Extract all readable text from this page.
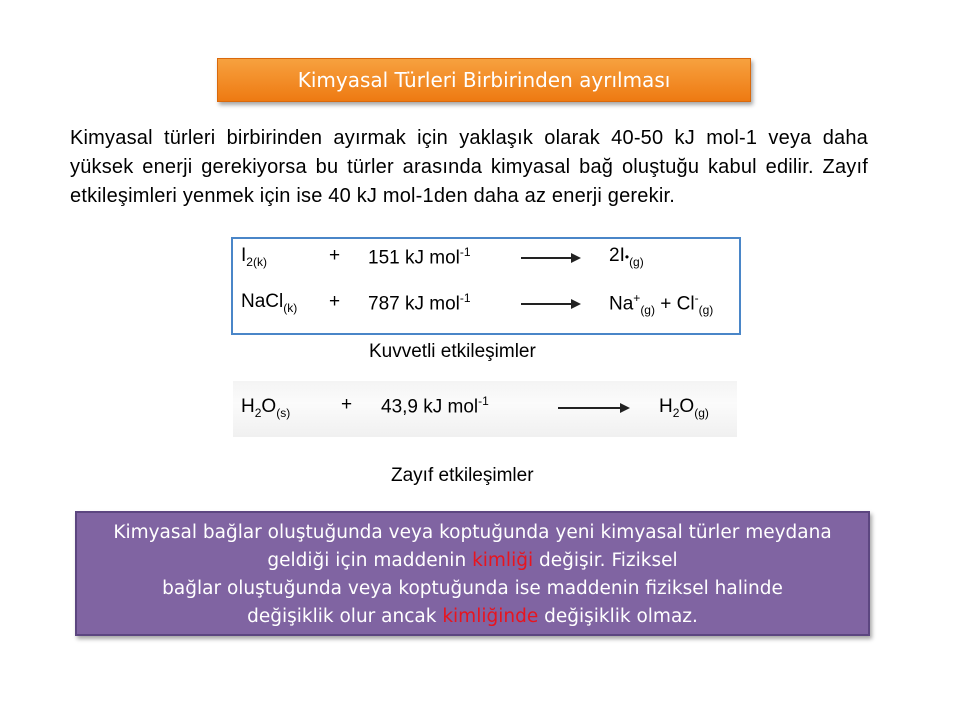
Kimyasal Türleri Birbirinden ayrılması
Kimyasal türleri birbirinden ayırmak için yaklaşık olarak 40-50 kJ mol-1 veya daha yüksek enerji gerekiyorsa bu türler arasında kimyasal bağ oluştuğu kabul edilir. Zayıf etkileşimleri yenmek için ise 40 kJ mol-1den daha az enerji gerekir.
$I_{2(k)}$	+ 151 kJ mol$^{-1}$	$2I•_{(g)}$
NaCl$_{(k)}$ + 787 kJ mol$^{-1}$	$Na^+_{(g)} + Cl^-_{(g)}$
Kuvvetli etkileşimler
$H_2O_{(s)}$	+ 43,9 kJ mol$^{-1}$	$H_2O_{(g)}$
Zayıf etkileşimler
Kimyasal bağlar oluştuğunda veya koptuğunda yeni kimyasal türler meydana
geldiği için maddenin kimliği değişir. Fiziksel
bağlar oluştuğunda veya koptuğunda ise maddenin fiziksel halinde
değişiklik olur ancak kimliğinde değişiklik olmaz.
